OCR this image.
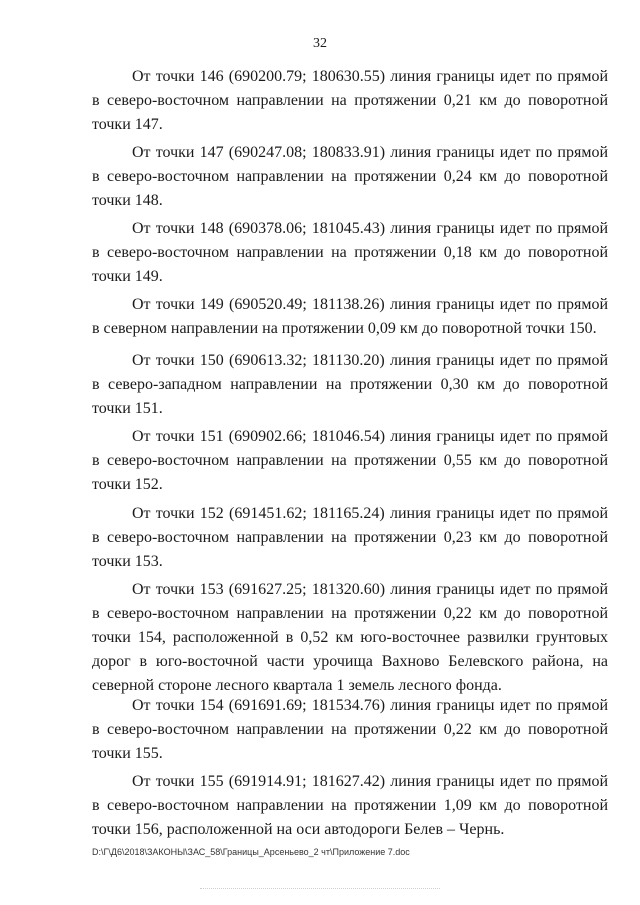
32

От точки 146 (690200.79; 180630.55) линия границы идет по прямой в северо-восточном направлении на протяжении 0,21 км до поворотной точки 147.

От точки 147 (690247.08; 180833.91) линия границы идет по прямой в северо-восточном направлении на протяжении 0,24 км до поворотной точки 148.

От точки 148 (690378.06; 181045.43) линия границы идет по прямой в северо-восточном направлении на протяжении 0,18 км до поворотной точки 149.

От точки 149 (690520.49; 181138.26) линия границы идет по прямой в северном направлении на протяжении 0,09 км до поворотной точки 150.

От точки 150 (690613.32; 181130.20) линия границы идет по прямой в северо-западном направлении на протяжении 0,30 км до поворотной точки 151.

От точки 151 (690902.66; 181046.54) линия границы идет по прямой в северо-восточном направлении на протяжении 0,55 км до поворотной точки 152.

От точки 152 (691451.62; 181165.24) линия границы идет по прямой в северо-восточном направлении на протяжении 0,23 км до поворотной точки 153.

От точки 153 (691627.25; 181320.60) линия границы идет по прямой в северо-восточном направлении на протяжении 0,22 км до поворотной точки 154, расположенной в 0,52 км юго-восточнее развилки грунтовых дорог в юго-восточной части урочища Вахново Белевского района, на северной стороне лесного квартала 1 земель лесного фонда.

От точки 154 (691691.69; 181534.76) линия границы идет по прямой в северо-восточном направлении на протяжении 0,22 км до поворотной точки 155.

От точки 155 (691914.91; 181627.42) линия границы идет по прямой в северо-восточном направлении на протяжении 1,09 км до поворотной точки 156, расположенной на оси автодороги Белев – Чернь.

D:\Г\Д6\2018\ЗАКОНЫ\ЗАС_58\Границы_Арсеньево_2 чт\Приложение 7.doc
